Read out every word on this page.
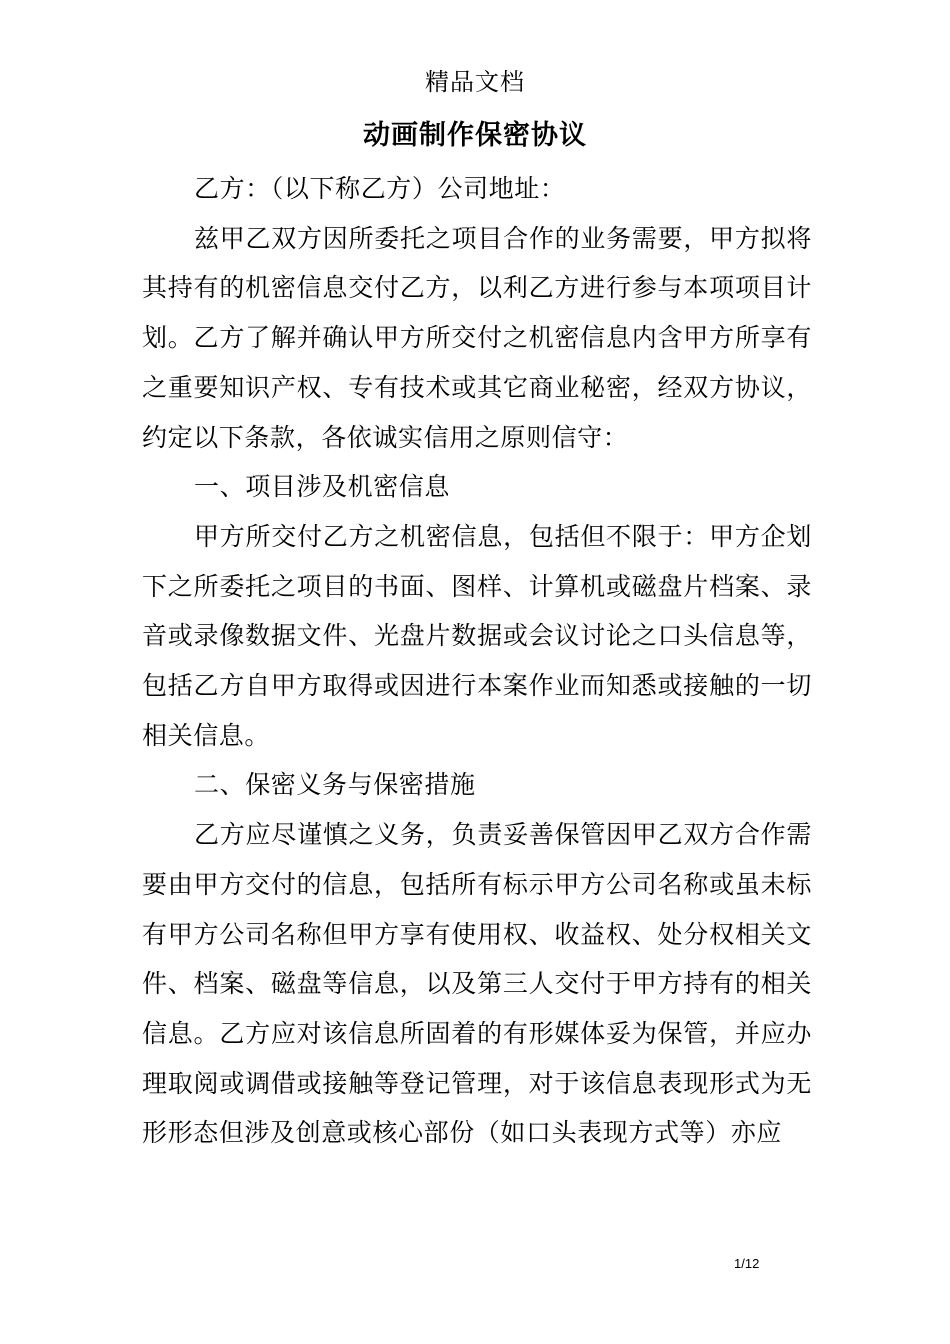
精品文档
动画制作保密协议

乙方：（以下称乙方）公司地址：

兹甲乙双方因所委托之项目合作的业务需要，甲方拟将其持有的机密信息交付乙方，以利乙方进行参与本项项目计划。乙方了解并确认甲方所交付之机密信息内含甲方所享有之重要知识产权、专有技术或其它商业秘密，经双方协议，约定以下条款，各依诚实信用之原则信守：

一、项目涉及机密信息

甲方所交付乙方之机密信息，包括但不限于：甲方企划下之所委托之项目的书面、图样、计算机或磁盘片档案、录音或录像数据文件、光盘片数据或会议讨论之口头信息等，包括乙方自甲方取得或因进行本案作业而知悉或接触的一切相关信息。

二、保密义务与保密措施

乙方应尽谨慎之义务，负责妥善保管因甲乙双方合作需要由甲方交付的信息，包括所有标示甲方公司名称或虽未标有甲方公司名称但甲方享有使用权、收益权、处分权相关文件、档案、磁盘等信息，以及第三人交付于甲方持有的相关信息。乙方应对该信息所固着的有形媒体妥为保管，并应办理取阅或调借或接触等登记管理，对于该信息表现形式为无形形态但涉及创意或核心部份（如口头表现方式等）亦应

1/12
